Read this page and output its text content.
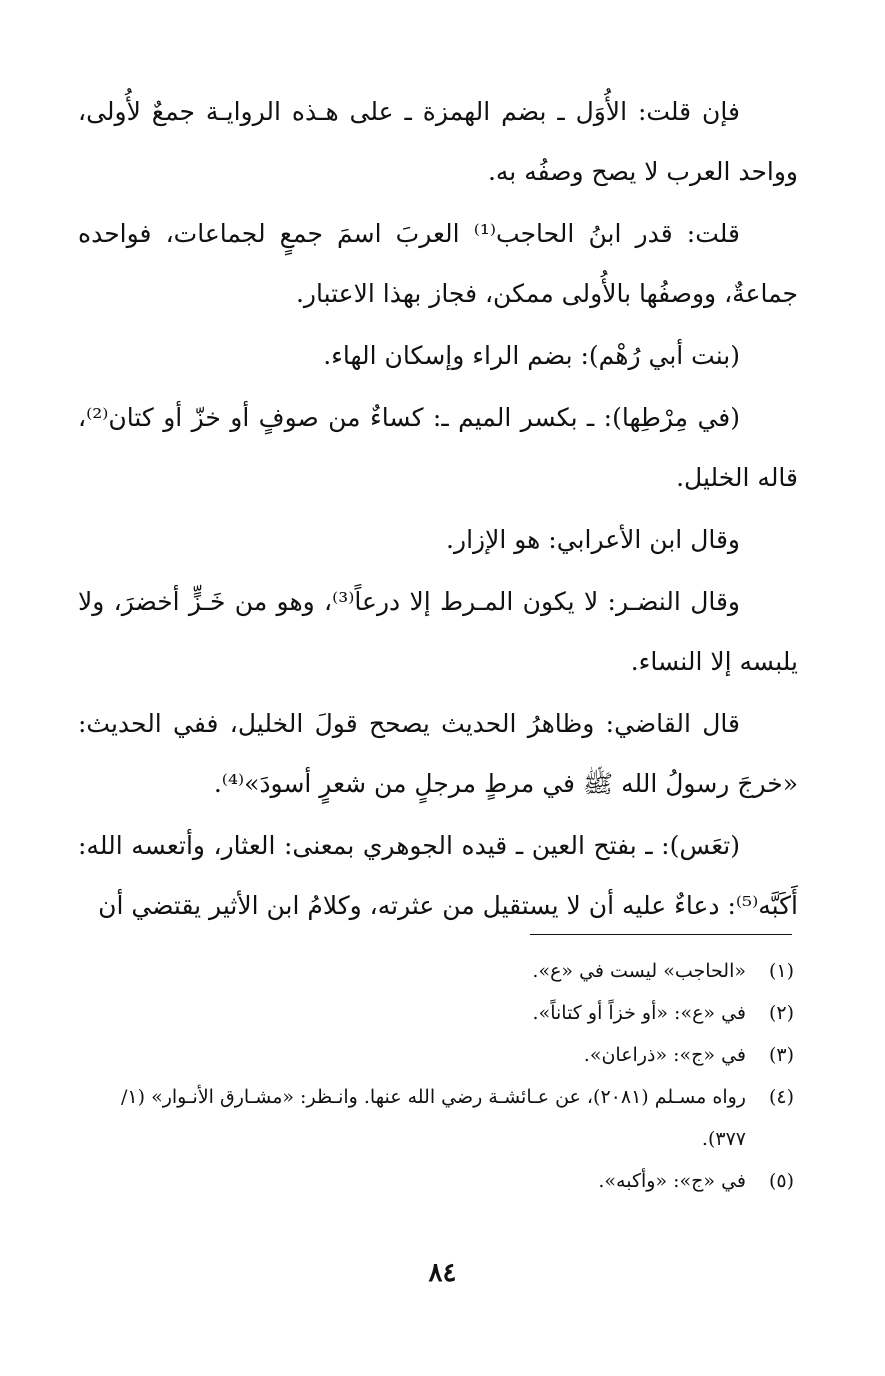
فإن قلت: الأُوَل ـ بضم الهمزة ـ على هـذه الروايـة جمعٌ لأُولى، وواحد العرب لا يصح وصفُه به.

قلت: قدر ابنُ الحاجب⁽¹⁾ العربَ اسمَ جمعٍ لجماعات، فواحده جماعةٌ، ووصفُها بالأُولى ممكن، فجاز بهذا الاعتبار.

(بنت أبي رُهْم): بضم الراء وإسكان الهاء.

(في مِرْطِها): ـ بكسر الميم ـ: كساءٌ من صوفٍ أو خزّ أو كتان⁽²⁾، قاله الخليل.

وقال ابن الأعرابي: هو الإزار.

وقال النضـر: لا يكون المـرط إلا درعاً⁽³⁾، وهو من خَـزٍّ أخضرَ، ولا يلبسه إلا النساء.

قال القاضي: وظاهرُ الحديث يصحح قولَ الخليل، ففي الحديث: «خرجَ رسولُ الله ﷺ في مرطٍ مرجلٍ من شعرٍ أسودَ»⁽⁴⁾.

(تعَس): ـ بفتح العين ـ قيده الجوهري بمعنى: العثار، وأتعسه الله: أَكَبَّه⁽⁵⁾: دعاءٌ عليه أن لا يستقيل من عثرته، وكلامُ ابن الأثير يقتضي أن

(١)
«الحاجب» ليست في «ع».
(٢)
في «ع»: «أو خزاً أو كتاناً».
(٣)
في «ج»: «ذراعان».
(٤)
رواه مسـلم (٢٠٨١)، عن عـائشـة رضي الله عنها. وانـظر: «مشـارق الأنـوار» (١/ ٣٧٧).
(٥)
في «ج»: «وأكبه».
٨٤
